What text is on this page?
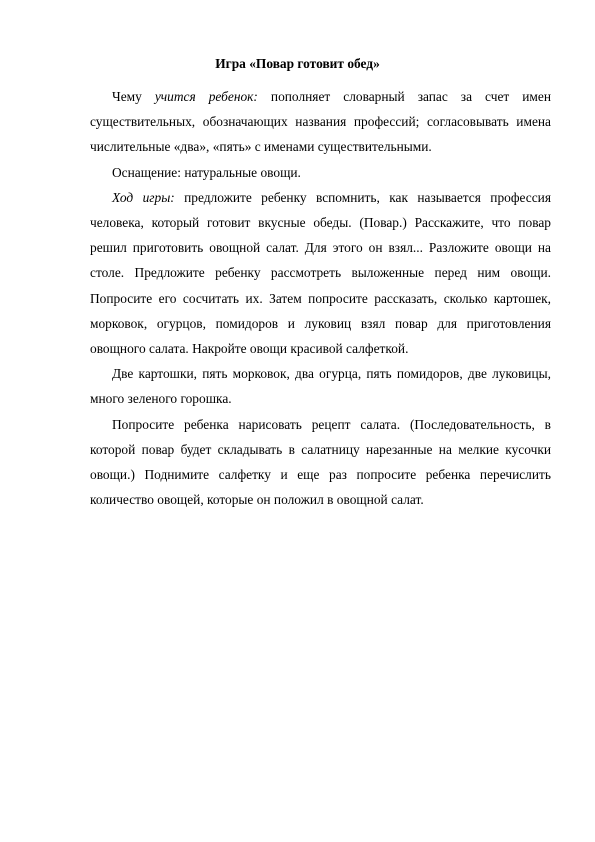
Игра «Повар готовит обед»

Чему учится ребенок: пополняет словарный запас за счет имен существительных, обозначающих названия профессий; согласовывать имена числительные «два», «пять» с именами существительными.

Оснащение: натуральные овощи.

Ход игры: предложите ребенку вспомнить, как называется профессия человека, который готовит вкусные обеды. (Повар.) Расскажите, что повар решил приготовить овощной салат. Для этого он взял... Разложите овощи на столе. Предложите ребенку рассмотреть выложенные перед ним овощи. Попросите его сосчитать их. Затем попросите рассказать, сколько картошек, морковок, огурцов, помидоров и луковиц взял повар для приготовления овощного салата. Накройте овощи красивой салфеткой.

Две картошки, пять морковок, два огурца, пять помидоров, две луковицы, много зеленого горошка.

Попросите ребенка нарисовать рецепт салата. (Последовательность, в которой повар будет складывать в салатницу нарезанные на мелкие кусочки овощи.) Поднимите салфетку и еще раз попросите ребенка перечислить количество овощей, которые он положил в овощной салат.
